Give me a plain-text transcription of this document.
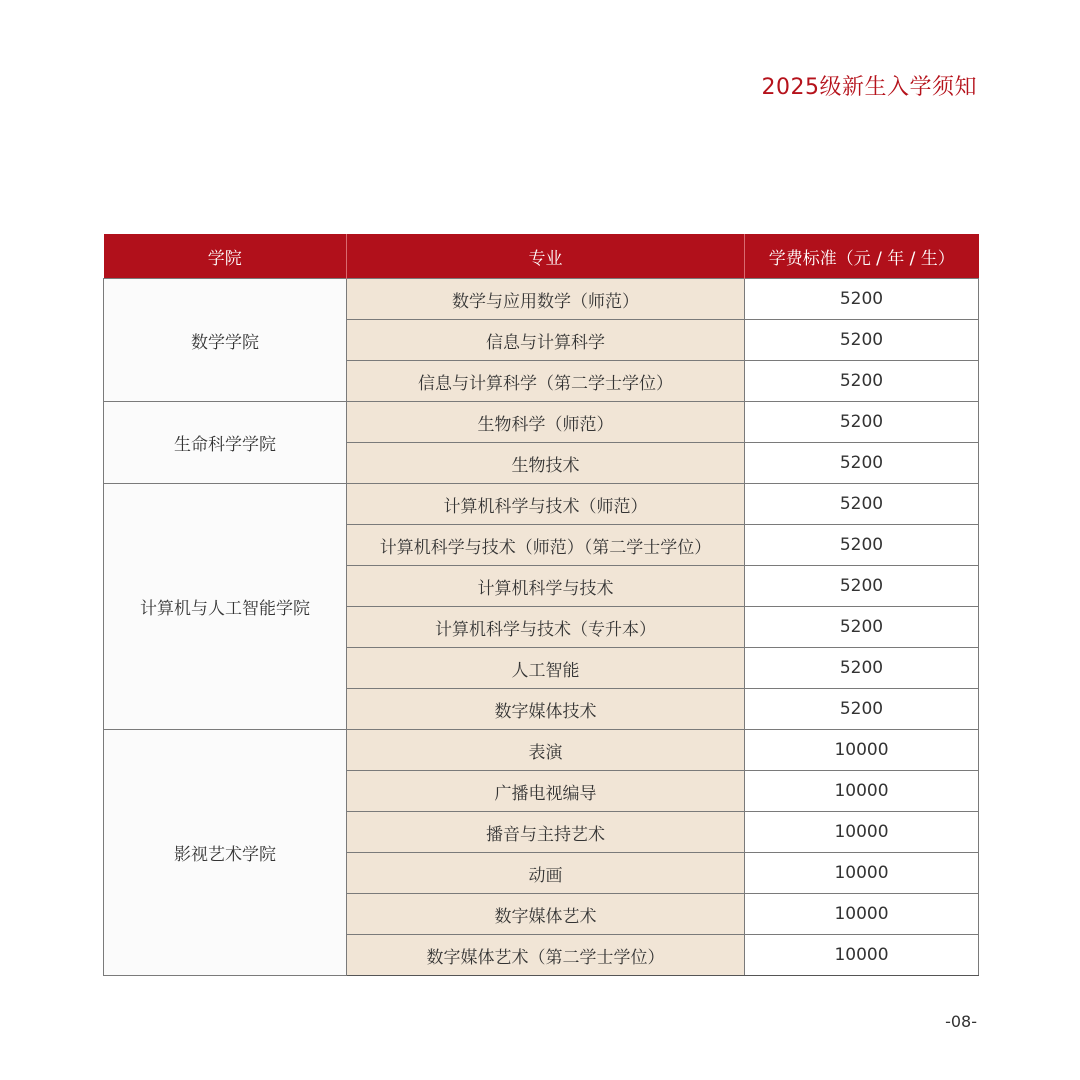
2025级新生入学须知
学院	专业	学费标准（元 / 年 / 生）
数学学院	数学与应用数学（师范）	5200
	信息与计算科学	5200
	信息与计算科学（第二学士学位）	5200
生命科学学院	生物科学（师范）	5200
	生物技术	5200
计算机与人工智能学院	计算机科学与技术（师范）	5200
	计算机科学与技术（师范）（第二学士学位）	5200
	计算机科学与技术	5200
	计算机科学与技术（专升本）	5200
	人工智能	5200
	数字媒体技术	5200
影视艺术学院	表演	10000
	广播电视编导	10000
	播音与主持艺术	10000
	动画	10000
	数字媒体艺术	10000
	数字媒体艺术（第二学士学位）	10000
-08-
